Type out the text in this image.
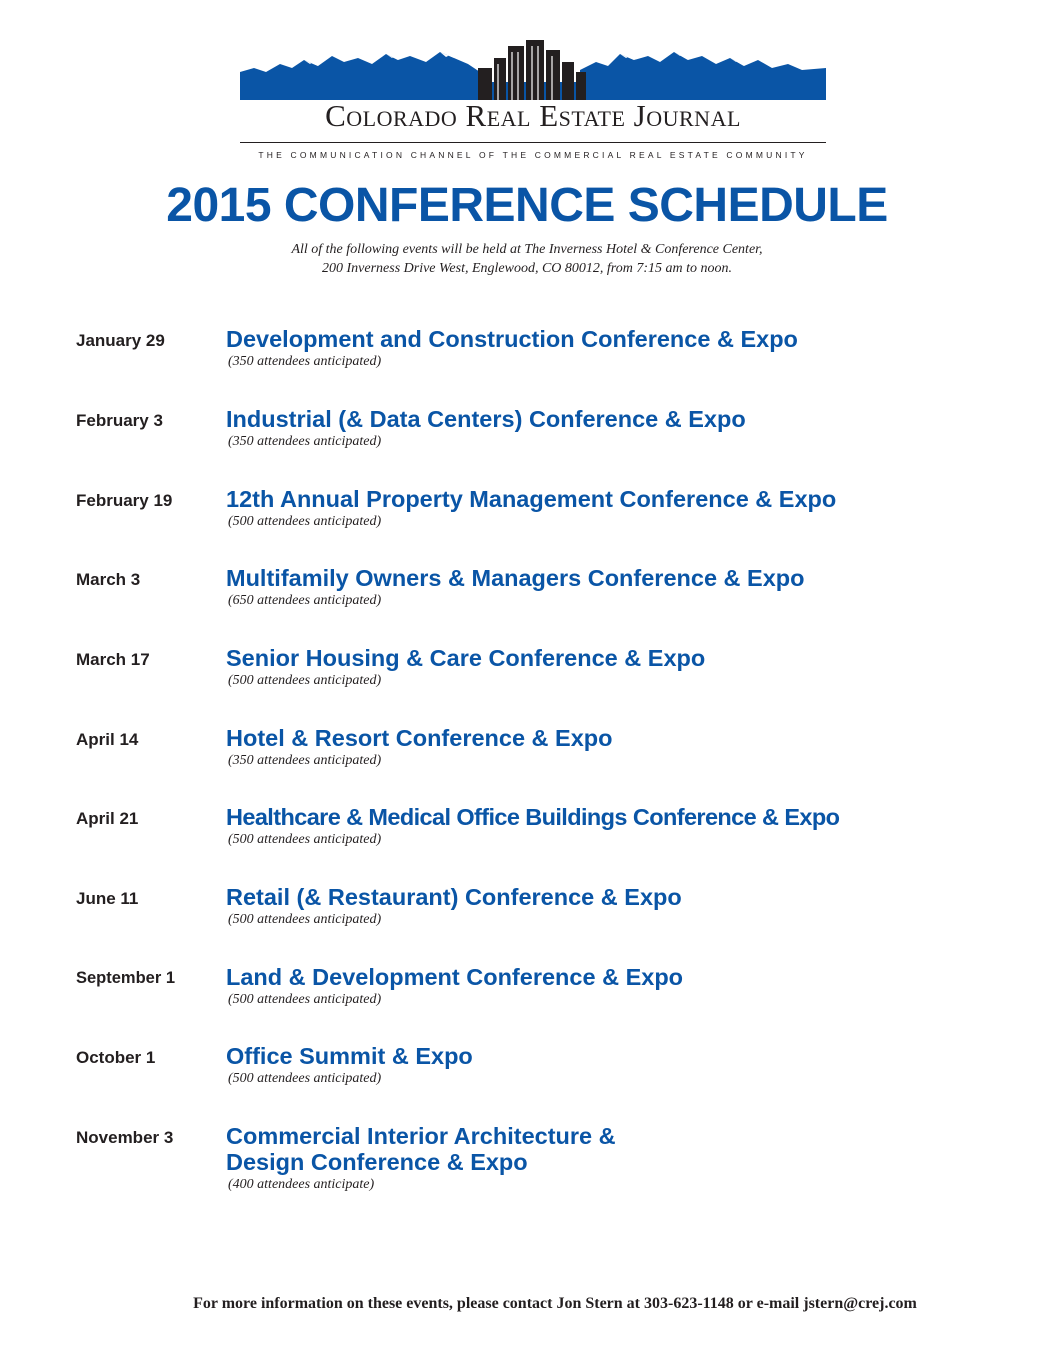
Colorado Real Estate Journal
THE COMMUNICATION CHANNEL OF THE COMMERCIAL REAL ESTATE COMMUNITY
2015 CONFERENCE SCHEDULE
All of the following events will be held at The Inverness Hotel & Conference Center,
200 Inverness Drive West, Englewood, CO 80012, from 7:15 am to noon.
January 29	Development and Construction Conference & Expo
(350 attendees anticipated)
February 3	Industrial (& Data Centers) Conference & Expo
(350 attendees anticipated)
February 19 12th Annual Property Management Conference & Expo
(500 attendees anticipated)
March 3	Multifamily Owners & Managers Conference & Expo
(650 attendees anticipated)
March 17	Senior Housing & Care Conference & Expo
(500 attendees anticipated)
April 14	Hotel & Resort Conference & Expo
(350 attendees anticipated)
April 21	Healthcare & Medical Office Buildings Conference & Expo
(500 attendees anticipated)
June 11	Retail (& Restaurant) Conference & Expo
(500 attendees anticipated)
September 1 Land & Development Conference & Expo
(500 attendees anticipated)
October 1	Office Summit & Expo
(500 attendees anticipated)
November 3 Commercial Interior Architecture &
Design Conference & Expo
(400 attendees anticipate)
For more information on these events, please contact Jon Stern at 303-623-1148 or e-mail jstern@crej.com
